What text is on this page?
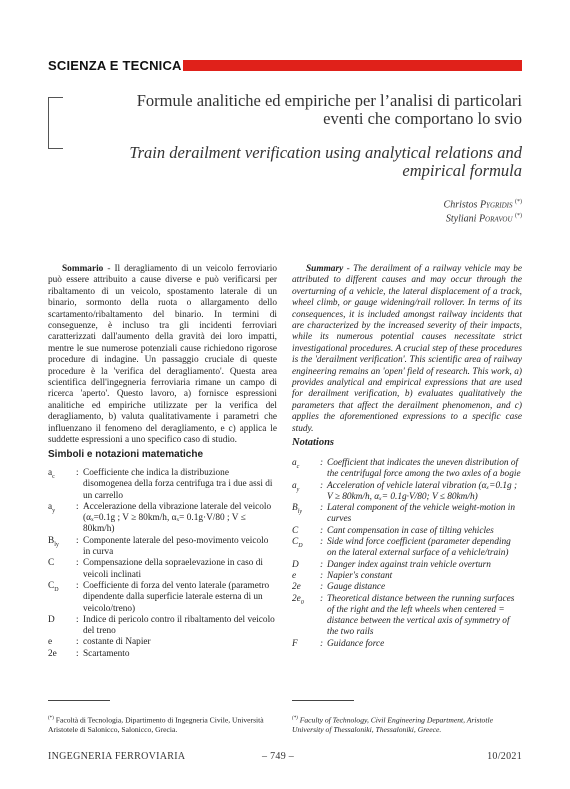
SCIENZA E TECNICA
Formule analitiche ed empiriche per l’analisi di particolari eventi che comportano lo svio
Train derailment verification using analytical relations and empirical formula
Christos Pygridis (*)
Styliani Poravou (*)

Sommario - Il deragliamento di un veicolo ferroviario può essere attribuito a cause diverse e può verificarsi per ribaltamento di un veicolo, spostamento laterale di un binario, sormonto della ruota o allargamento dello scartamento/ribaltamento del binario. In termini di conseguenze, è incluso tra gli incidenti ferroviari caratterizzati dall'aumento della gravità dei loro impatti, mentre le sue numerose potenziali cause richiedono rigorose procedure di indagine. Un passaggio cruciale di queste procedure è la 'verifica del deragliamento'. Questa area scientifica dell'ingegneria ferroviaria rimane un campo di ricerca 'aperto'. Questo lavoro, a) fornisce espressioni analitiche ed empiriche utilizzate per la verifica del deragliamento, b) valuta qualitativamente i parametri che influenzano il fenomeno del deragliamento, e c) applica le suddette espressioni a uno specifico caso di studio.

Summary - The derailment of a railway vehicle may be attributed to different causes and may occur through the overturning of a vehicle, the lateral displacement of a track, wheel climb, or gauge widening/rail rollover. In terms of its consequences, it is included amongst railway incidents that are characterized by the increased severity of their impacts, while its numerous potential causes necessitate strict investigational procedures. A crucial step of these procedures is the 'derailment verification'. This scientific area of railway engineering remains an 'open' field of research. This work, a) provides analytical and empirical expressions that are used for derailment verification, b) evaluates qualitatively the parameters that affect the derailment phenomenon, and c) applies the aforementioned expressions to a specific case study.

Simboli e notazioni matematiche
Notations
$a_c$	: Coefficiente che indica la distribuzione disomogenea della forza centrifuga tra i due assi di un carrello
$a_y$	: Accelerazione della vibrazione laterale del veicolo (αₓ=0.1g ; V ≥ 80km/h, αₓ= 0.1g·V/80 ; V ≤ 80km/h)
$B_{ly}$	: Componente laterale del peso-movimento veicolo in curva
C	: Compensazione della sopraelevazione in caso di veicoli inclinati
$C_D$	: Coefficiente di forza del vento laterale (parametro dipendente dalla superficie laterale esterna di un veicolo/treno)
D	: Indice di pericolo contro il ribaltamento del veicolo del treno
e	: costante di Napier
2e	: Scartamento
$a_c$	: Coefficient that indicates the uneven distribution of the centrifugal force among the two axles of a bogie
$a_y$	: Acceleration of vehicle lateral vibration (αₓ=0.1g ; V ≥ 80km/h, αₓ= 0.1g·V/80; V ≤ 80km/h)
$B_{ly}$	: Lateral component of the vehicle weight-motion in curves
C	: Cant compensation in case of tilting vehicles
$C_D$	: Side wind force coefficient (parameter depending on the lateral external surface of a vehicle/train)
D	: Danger index against train vehicle overturn
e	: Napier's constant
2e	: Gauge distance
$2e_0$	: Theoretical distance between the running surfaces of the right and the left wheels when centered = distance between the vertical axis of symmetry of the two rails
F	: Guidance force
(*) Facoltà di Tecnologia, Dipartimento di Ingegneria Civile, Università Aristotele di Salonicco, Salonicco, Grecia.
(*) Faculty of Technology, Civil Engineering Department, Aristotle University of Thessaloniki, Thessaloniki, Greece.
INGEGNERIA FERROVIARIA	– 749 –	10/2021
